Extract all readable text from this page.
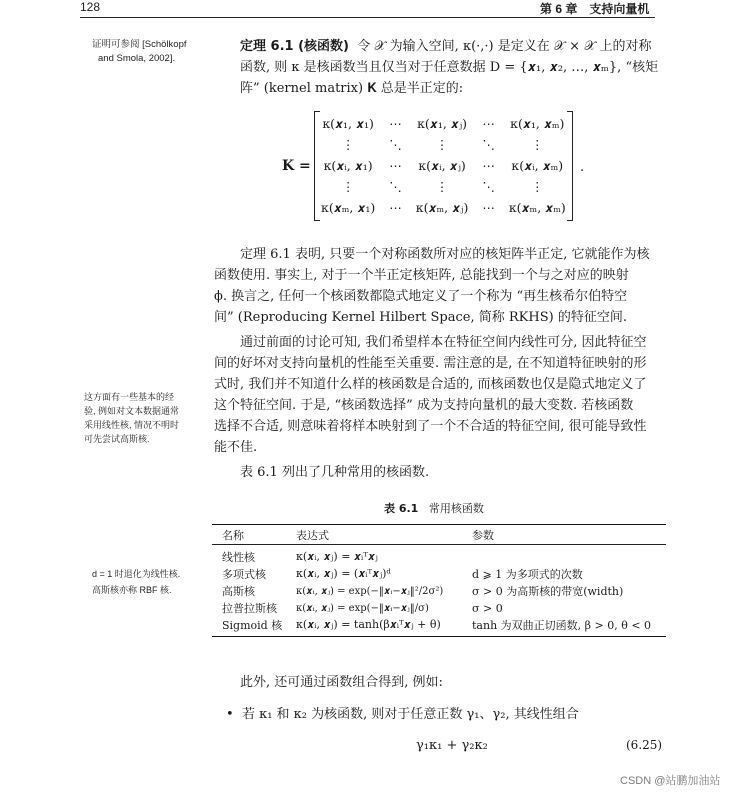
128	第 6 章　支持向量机
证明可参阅 [Schölkopf
and Smola, 2002].
定理 6.1 (核函数) 令 𝒳 为输入空间, κ(·,·) 是定义在 𝒳 × 𝒳 上的对称
函数, 则 κ 是核函数当且仅当对于任意数据 D = {𝒙₁, 𝒙₂, …, 𝒙ₘ}, “核矩
阵” (kernel matrix) 𝐊 总是半正定的:
𝐊 =
κ(𝒙₁, 𝒙₁)	⋯	κ(𝒙₁, 𝒙ⱼ)	⋯	κ(𝒙₁, 𝒙ₘ)
⋮	⋱	⋮	⋱	⋮
κ(𝒙ᵢ, 𝒙₁)	⋯	κ(𝒙ᵢ, 𝒙ⱼ)	⋯	κ(𝒙ᵢ, 𝒙ₘ)
⋮	⋱	⋮	⋱	⋮
κ(𝒙ₘ, 𝒙₁)	⋯	κ(𝒙ₘ, 𝒙ⱼ)	⋯	κ(𝒙ₘ, 𝒙ₘ)
.
定理 6.1 表明, 只要一个对称函数所对应的核矩阵半正定, 它就能作为核
函数使用. 事实上, 对于一个半正定核矩阵, 总能找到一个与之对应的映射
ϕ. 换言之, 任何一个核函数都隐式地定义了一个称为 “再生核希尔伯特空
间” (Reproducing Kernel Hilbert Space, 简称 RKHS) 的特征空间.
通过前面的讨论可知, 我们希望样本在特征空间内线性可分, 因此特征空
间的好坏对支持向量机的性能至关重要. 需注意的是, 在不知道特征映射的形
式时, 我们并不知道什么样的核函数是合适的, 而核函数也仅是隐式地定义了
这个特征空间. 于是, “核函数选择” 成为支持向量机的最大变数. 若核函数
选择不合适, 则意味着将样本映射到了一个不合适的特征空间, 很可能导致性
能不佳.
这方面有一些基本的经
验, 例如对文本数据通常
采用线性核, 情况不明时
可先尝试高斯核.
表 6.1 列出了几种常用的核函数.
表 6.1 常用核函数
名称	表达式	参数
线性核	κ(𝒙ᵢ, 𝒙ⱼ) = 𝒙ᵢᵀ𝒙ⱼ	
多项式核	κ(𝒙ᵢ, 𝒙ⱼ) = (𝒙ᵢᵀ𝒙ⱼ)ᵈ	d ⩾ 1 为多项式的次数
高斯核	κ(𝒙ᵢ, 𝒙ⱼ) = exp(−‖𝒙ᵢ−𝒙ⱼ‖²/2σ²)	σ > 0 为高斯核的带宽(width)
拉普拉斯核	κ(𝒙ᵢ, 𝒙ⱼ) = exp(−‖𝒙ᵢ−𝒙ⱼ‖/σ)	σ > 0
Sigmoid 核	κ(𝒙ᵢ, 𝒙ⱼ) = tanh(β𝒙ᵢᵀ𝒙ⱼ + θ)	tanh 为双曲正切函数, β > 0, θ < 0
d = 1 时退化为线性核.
高斯核亦称 RBF 核.
此外, 还可通过函数组合得到, 例如:
• 若 κ₁ 和 κ₂ 为核函数, 则对于任意正数 γ₁、γ₂, 其线性组合
γ₁κ₁ + γ₂κ₂	(6.25)
CSDN @站鹏加油站
